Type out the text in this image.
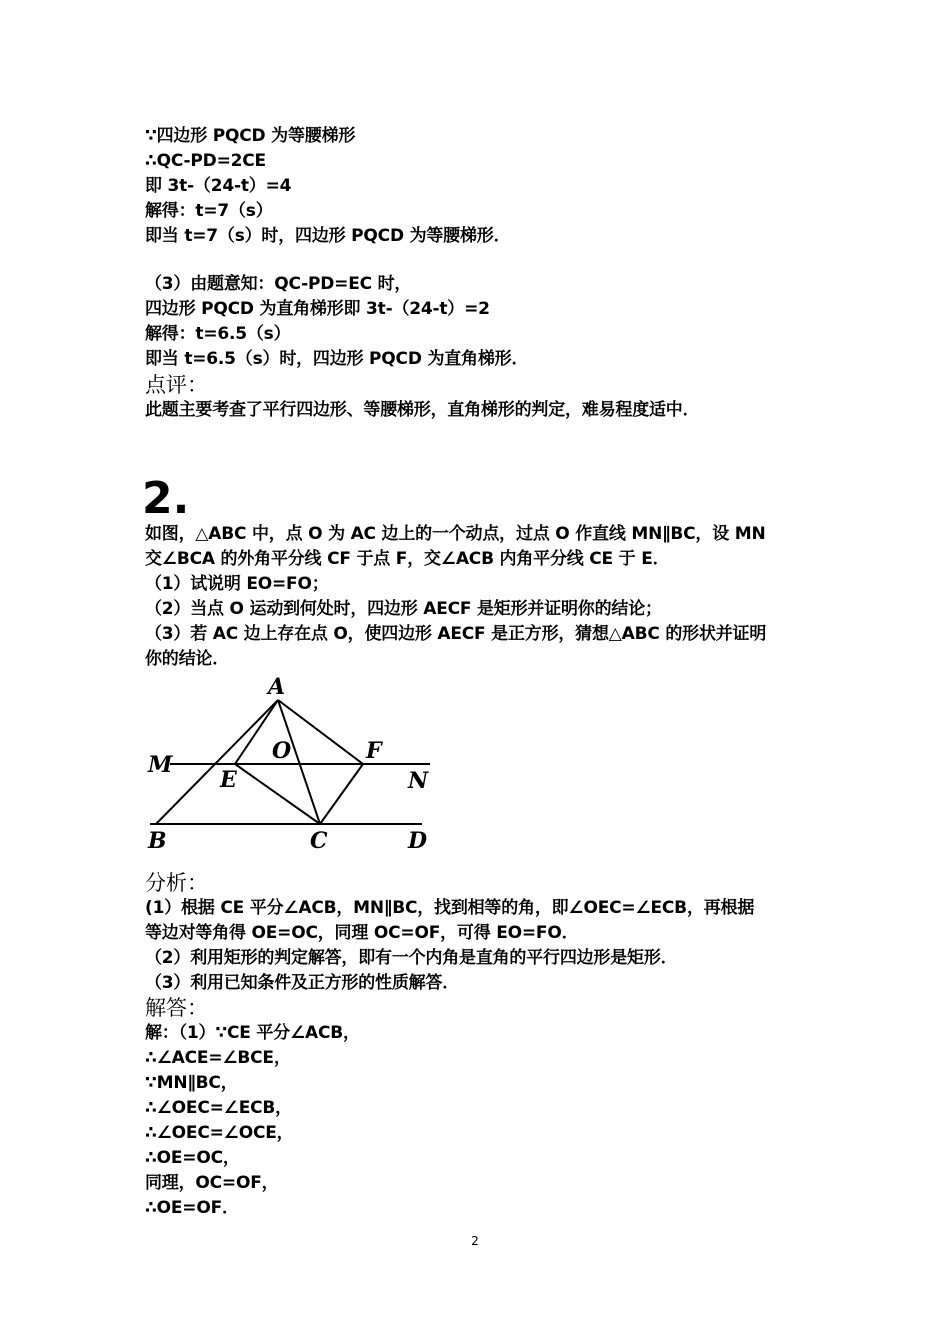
∵四边形 PQCD 为等腰梯形
∴QC-PD=2CE
即 3t-（24-t）=4
解得：t=7（s）
即当 t=7（s）时，四边形 PQCD 为等腰梯形．
（3）由题意知：QC-PD=EC 时，
四边形 PQCD 为直角梯形即 3t-（24-t）=2
解得：t=6.5（s）
即当 t=6.5（s）时，四边形 PQCD 为直角梯形．
点评：
此题主要考查了平行四边形、等腰梯形，直角梯形的判定，难易程度适中．
2.
如图，△ABC 中，点 O 为 AC 边上的一个动点，过点 O 作直线 MN∥BC，设 MN
交∠BCA 的外角平分线 CF 于点 F，交∠ACB 内角平分线 CE 于 E．
（1）试说明 EO=FO；
（2）当点 O 运动到何处时，四边形 AECF 是矩形并证明你的结论；
（3）若 AC 边上存在点 O，使四边形 AECF 是正方形，猜想△ABC 的形状并证明
你的结论．
A
M
O	F
E	N
B	C	D
分析：
(1）根据 CE 平分∠ACB，MN∥BC，找到相等的角，即∠OEC=∠ECB，再根据
等边对等角得 OE=OC，同理 OC=OF，可得 EO=FO．
（2）利用矩形的判定解答，即有一个内角是直角的平行四边形是矩形．
（3）利用已知条件及正方形的性质解答．
解答：
解：（1）∵CE 平分∠ACB，
∴∠ACE=∠BCE，
∵MN∥BC，
∴∠OEC=∠ECB，
∴∠OEC=∠OCE，
∴OE=OC，
同理，OC=OF，
∴OE=OF．
2
